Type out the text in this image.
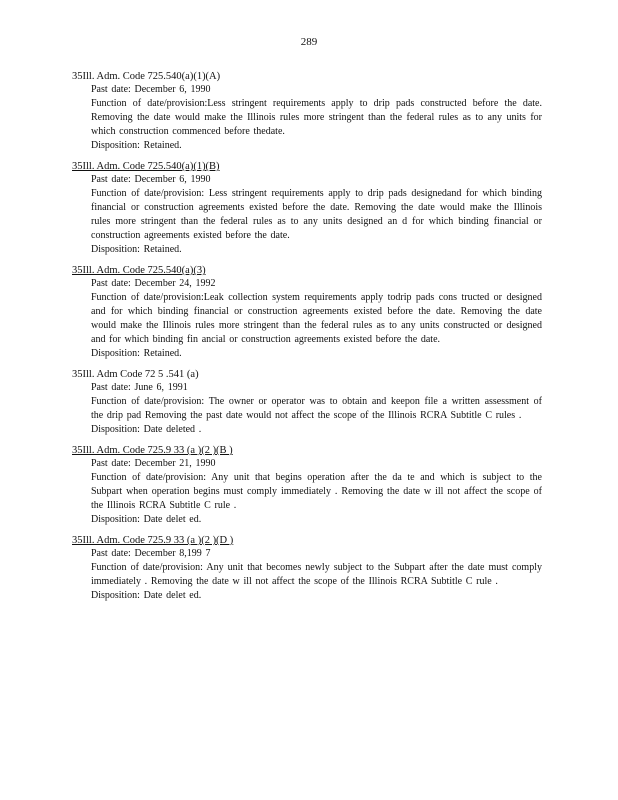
289
35Ill. Adm. Code 725.540(a)(1)(A)
Past date: December 6, 1990
Function of date/provision:Less stringent requirements apply to drip pads constructed before the date. Removing the date would make the Illinois rules more stringent than the federal rules as to any units for which construction commenced before thedate.
Disposition: Retained.
35Ill. Adm. Code 725.540(a)(1)(B)
Past date: December 6, 1990
Function of date/provision: Less stringent requirements apply to drip pads designedand for which binding financial or construction agreements existed before the date. Removing the date would make the Illinois rules more stringent than the federal rules as to any units designed an d for which binding financial or construction agreements existed before the date.
Disposition: Retained.
35Ill. Adm. Code 725.540(a)(3)
Past date: December 24, 1992
Function of date/provision:Leak collection system requirements apply todrip pads cons tructed or designed and for which binding financial or construction agreements existed before the date. Removing the date would make the Illinois rules more stringent than the federal rules as to any units constructed or designed and for which binding fin ancial or construction agreements existed before the date.
Disposition: Retained.
35Ill. Adm Code 72 5 .541 (a)
Past date: June 6, 1991
Function of date/provision: The owner or operator was to obtain and keepon file a written assessment of the drip pad Removing the past date would not affect the scope of the Illinois RCRA Subtitle C rules .
Disposition: Date deleted .
35Ill. Adm. Code 725.9 33 (a )(2 )(B )
Past date: December 21, 1990
Function of date/provision: Any unit that begins operation after the da te and which is subject to the Subpart when operation begins must comply immediately . Removing the date w ill not affect the scope of the Illinois RCRA Subtitle C rule .
Disposition: Date delet ed.
35Ill. Adm. Code 725.9 33 (a )(2 )(D )
Past date: December 8,199 7
Function of date/provision: Any unit that becomes newly subject to the Subpart after the date must comply immediately . Removing the date w ill not affect the scope of the Illinois RCRA Subtitle C rule .
Disposition: Date delet ed.
